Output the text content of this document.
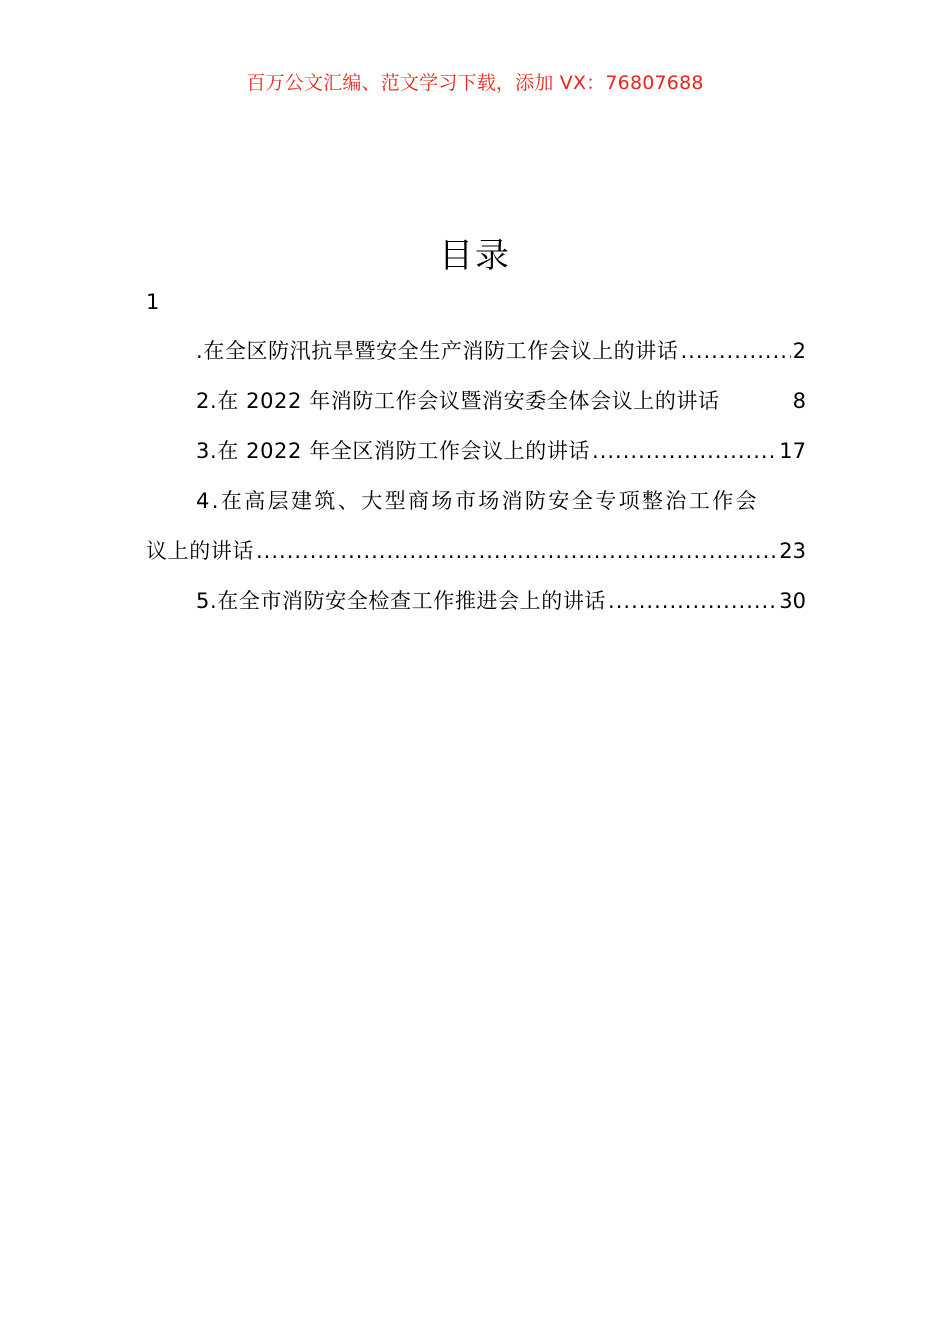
百万公文汇编、范文学习下载，添加 VX：76807688
目录
1
.在全区防汛抗旱暨安全生产消防工作会议上的讲话 .....	2
2.在 2022 年消防工作会议暨消安委全体会议上的讲话	8
3.在 2022 年全区消防工作会议上的讲话 .....	17
4.在高层建筑、大型商场市场消防安全专项整治工作会
议上的讲话 .....	23
5.在全市消防安全检查工作推进会上的讲话 .....	30
